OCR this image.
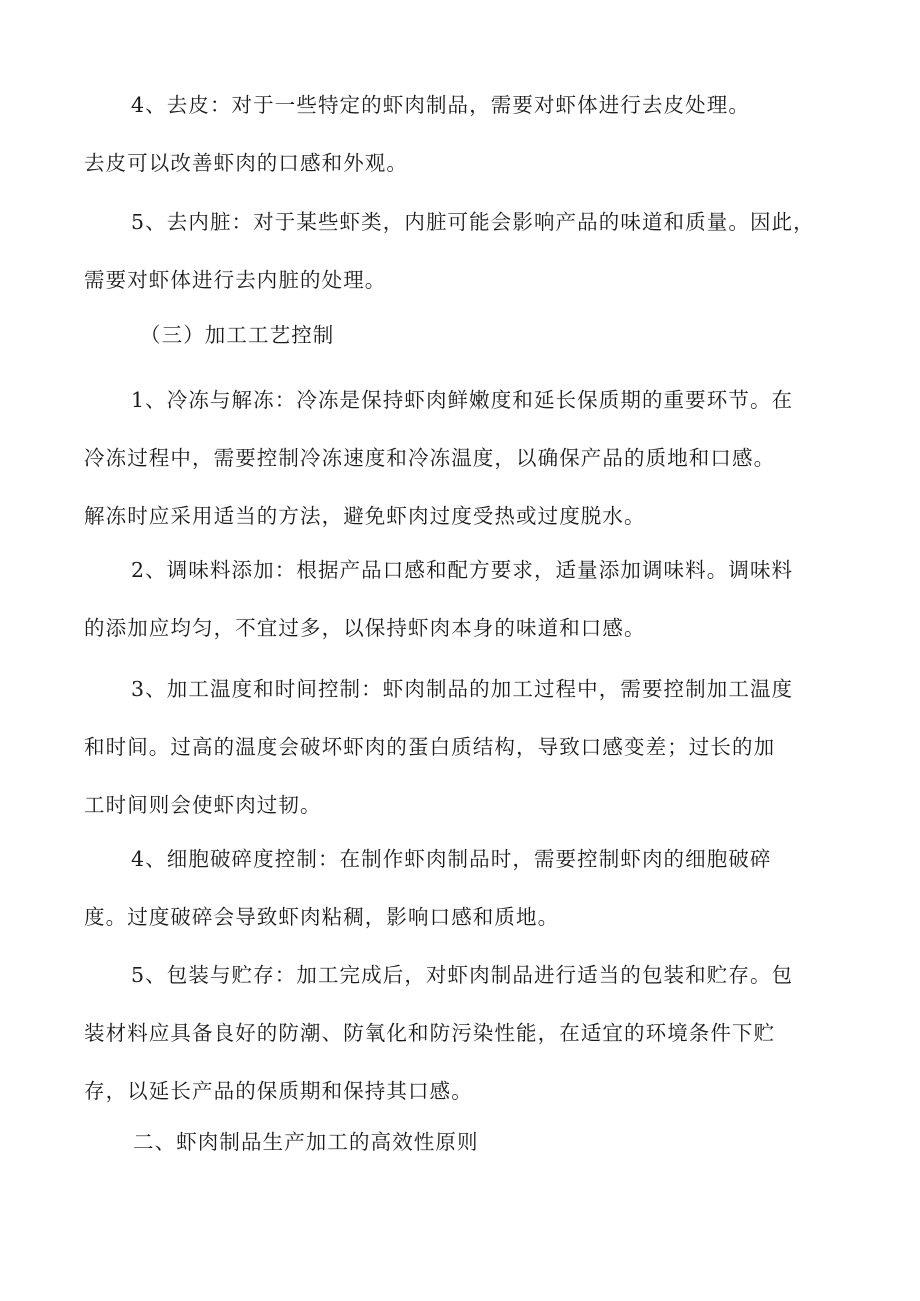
4、去皮：对于一些特定的虾肉制品，需要对虾体进行去皮处理。
去皮可以改善虾肉的口感和外观。
5、去内脏：对于某些虾类，内脏可能会影响产品的味道和质量。因此，
需要对虾体进行去内脏的处理。
（三）加工工艺控制
1、冷冻与解冻：冷冻是保持虾肉鲜嫩度和延长保质期的重要环节。在
冷冻过程中，需要控制冷冻速度和冷冻温度，以确保产品的质地和口感。
解冻时应采用适当的方法，避免虾肉过度受热或过度脱水。
2、调味料添加：根据产品口感和配方要求，适量添加调味料。调味料
的添加应均匀，不宜过多，以保持虾肉本身的味道和口感。
3、加工温度和时间控制：虾肉制品的加工过程中，需要控制加工温度
和时间。过高的温度会破坏虾肉的蛋白质结构，导致口感变差；过长的加
工时间则会使虾肉过韧。
4、细胞破碎度控制：在制作虾肉制品时，需要控制虾肉的细胞破碎
度。过度破碎会导致虾肉粘稠，影响口感和质地。
5、包装与贮存：加工完成后，对虾肉制品进行适当的包装和贮存。包
装材料应具备良好的防潮、防氧化和防污染性能，在适宜的环境条件下贮
存，以延长产品的保质期和保持其口感。
二、虾肉制品生产加工的高效性原则
